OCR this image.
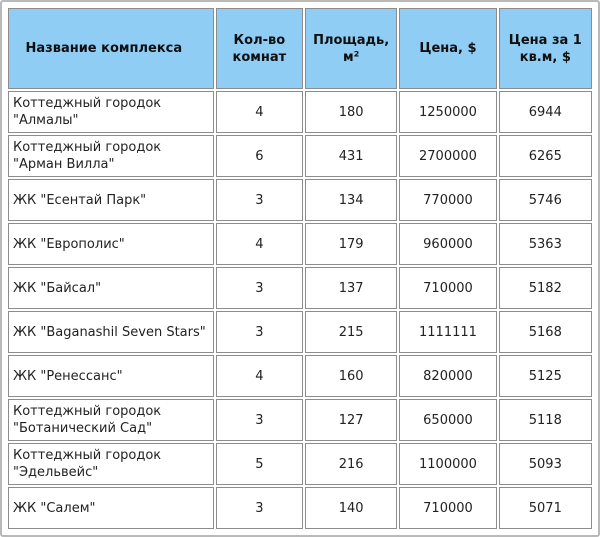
Название комплекса	Кол-во комнат	Площадь, м²	Цена, $	Цена за 1 кв.м, $
Коттеджный городок "Алмалы"	4	180	1250000	6944
Коттеджный городок "Арман Вилла"	6	431	2700000	6265
ЖК "Есентай Парк"	3	134	770000	5746
ЖК "Европолис"	4	179	960000	5363
ЖК "Байсал"	3	137	710000	5182
ЖК "Baganashil Seven Stars"	3	215	1111111	5168
ЖК "Ренессанс"	4	160	820000	5125
Коттеджный городок "Ботанический Сад"	3	127	650000	5118
Коттеджный городок "Эдельвейс"	5	216	1100000	5093
ЖК "Салем"	3	140	710000	5071
